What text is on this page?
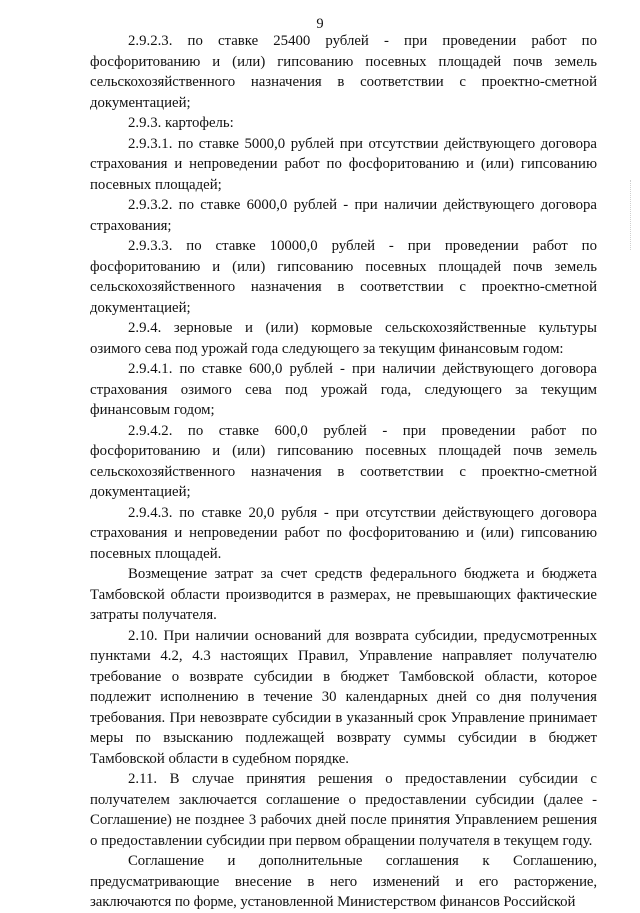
9

2.9.2.3. по ставке 25400 рублей - при проведении работ по фосфоритованию и (или) гипсованию посевных площадей почв земель сельскохозяйственного назначения в соответствии с проектно-сметной документацией;

2.9.3. картофель:

2.9.3.1. по ставке 5000,0 рублей при отсутствии действующего договора страхования и непроведении работ по фосфоритованию и (или) гипсованию посевных площадей;

2.9.3.2. по ставке 6000,0 рублей - при наличии действующего договора страхования;

2.9.3.3. по ставке 10000,0 рублей - при проведении работ по фосфоритованию и (или) гипсованию посевных площадей почв земель сельскохозяйственного назначения в соответствии с проектно-сметной документацией;

2.9.4. зерновые и (или) кормовые сельскохозяйственные культуры озимого сева под урожай года следующего за текущим финансовым годом:

2.9.4.1. по ставке 600,0 рублей - при наличии действующего договора страхования озимого сева под урожай года, следующего за текущим финансовым годом;

2.9.4.2. по ставке 600,0 рублей - при проведении работ по фосфоритованию и (или) гипсованию посевных площадей почв земель сельскохозяйственного назначения в соответствии с проектно-сметной документацией;

2.9.4.3. по ставке 20,0 рубля - при отсутствии действующего договора страхования и непроведении работ по фосфоритованию и (или) гипсованию посевных площадей.

Возмещение затрат за счет средств федерального бюджета и бюджета Тамбовской области производится в размерах, не превышающих фактические затраты получателя.

2.10. При наличии оснований для возврата субсидии, предусмотренных пунктами 4.2, 4.3 настоящих Правил, Управление направляет получателю требование о возврате субсидии в бюджет Тамбовской области, которое подлежит исполнению в течение 30 календарных дней со дня получения требования. При невозврате субсидии в указанный срок Управление принимает меры по взысканию подлежащей возврату суммы субсидии в бюджет Тамбовской области в судебном порядке.

2.11. В случае принятия решения о предоставлении субсидии с получателем заключается соглашение о предоставлении субсидии (далее - Соглашение) не позднее 3 рабочих дней после принятия Управлением решения о предоставлении субсидии при первом обращении получателя в текущем году.

Соглашение и дополнительные соглашения к Соглашению, предусматривающие внесение в него изменений и его расторжение, заключаются по форме, установленной Министерством финансов Российской
